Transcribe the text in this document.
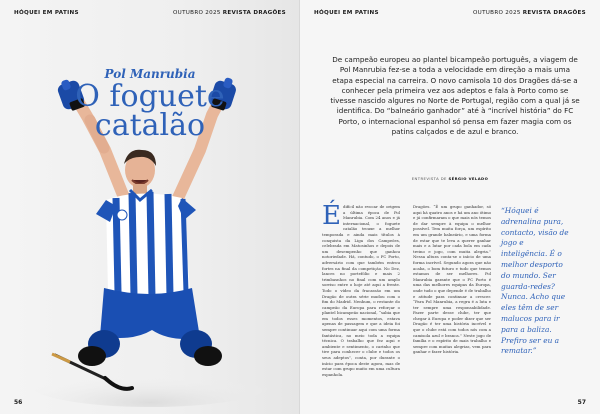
HÓQUEI EM PATINS	OUTUBRO 2025 REVISTA DRAGÕES
Pol Manrubia
O foguete
catalão
56
HÓQUEI EM PATINS	OUTUBRO 2025 REVISTA DRAGÕES
De campeão europeu ao plantel bicampeão português, a viagem de Pol Manrubia fez-se a toda a velocidade em direção a mais uma etapa especial na carreira. O novo camisola 10 dos Dragões dá-se a conhecer pela primeira vez aos adeptos e fala à Porto como se tivesse nascido algures no Norte de Portugal, região com a qual já se identifica. Do “balneário ganhador” até à “incrível história” do FC Porto, o internacional espanhol só pensa em fazer magia com os patins calçados e de azul e branco.
ENTREVISTA DE SÉRGIO VELADO
É difícil não evocar de origem a última época de Pol Manrubia. Com 24 anos e já internacional, o foguete catalão trouxe a melhor temporada e ainda mais títulos à conquista da Liga dos Campeões, celebrada em Matosinhos e depois de um desempenho que ganhou notoriedade. Há, contudo, o FC Porto, adversário com que também entrou fortes na final da competição. No Dez, lances no portefólio e mais 2 trimbasnhos no final com um amplo sorriso entre o hoje até aqui a frente. Todo o vídeo da fracassão em um Dragão de outra série mudou com o fim do Madrid. Nenhum, o restante do campeão da Europa para reforçar o plantel bicampeão nacional, “sabia que em todos esses momentos, estava apenas de passagem e que a ideia foi sempre continuar aqui com uma forma fantástica, no meio toda a equipa técnica. O trabalho que fez aqui e ambiente e sentimento, o carinho que tive para conhecer o clube e todos os seus adeptos”, conta, por durante o início para época deste agora, mas de estar com grupo muito em uma cultura espanhola.

Dragões. “É um grupo ganhador, só aqui há quatro anos e há um ano ótimo e já confirmaram o que mais nós temos de dar sempre à equipa o melhor possível. Tem muita força, um espírito em um grande balneário, e uma forma de estar que te leva a querer ganhar mais e a lutar por cada bola em cada treino e jogo, com muita alegria.” Nessa altura conta-se o início de uma forma incrível. Segundo agora que não acaba, o bom futuro e tudo que temos estamos de ser melhores. Pol Manrubia garante que o FC Porto é uma das melhores equipas da Europa, onde tudo o que depende é de trabalho e atitude para continuar a crescer. “Para Pol Manrubia, a regra é a luta e ter sempre uma responsabilidade. Fazer parte desse clube, ter que chegar à Europa e poder dizer que ser Dragão é ter uma história incrível e que o clube está com todos nós com a camisola azul e branca.” Neste jogo de família e o espírito de mais trabalho e sempre com muitas alegrias, vem para ganhar e fazer história.

“Hóquei é adrenalina pura, contacto, visão de jogo e inteligência. É o melhor desporto do mundo. Ser guarda-redes? Nunca. Acho que eles têm de ser malucos para ir para a baliza. Prefiro ser eu a rematar.”
57
